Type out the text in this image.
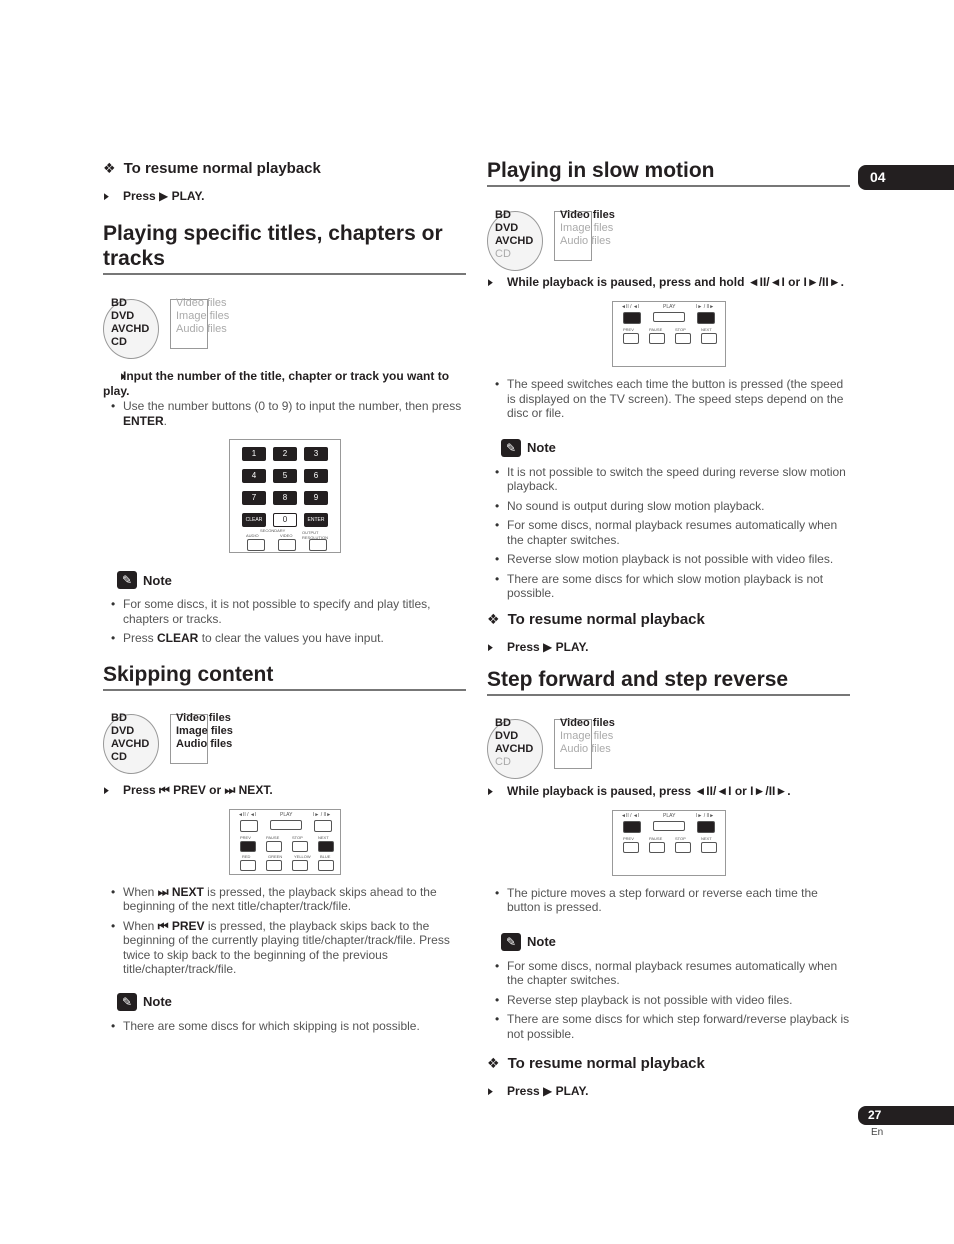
04
❖ To resume normal playback
▶ Press ▶ PLAY.
Playing specific titles, chapters or tracks
BD
DVD
AVCHD
CD
Video files
Image files
Audio files
▶ Input the number of the title, chapter or track you want to play.
• Use the number buttons (0 to 9) to input the number, then press ENTER.
1	2	3
4	5	6
7	8	9
CLEAR	0	ENTER
SECONDARY
AUDIO	VIDEO
OUTPUT RESOLUTION
✎ Note
• For some discs, it is not possible to specify and play titles, chapters or tracks.
• Press CLEAR to clear the values you have input.
Skipping content
BD
DVD
AVCHD
CD
Video files
Image files
Audio files
▶ Press ⏮ PREV or ⏭ NEXT.
◄II / ◄I	PLAY	I► / II►
PREV	PAUSE	STOP	NEXT
RED	GREEN	YELLOW BLUE
• When ⏭ NEXT is pressed, the playback skips ahead to the beginning of the next title/chapter/track/file.
• When ⏮ PREV is pressed, the playback skips back to the beginning of the currently playing title/chapter/track/file. Press twice to skip back to the beginning of the previous title/chapter/track/file.
✎ Note
• There are some discs for which skipping is not possible.
Playing in slow motion
BD
DVD
AVCHD
CD
Video files
Image files
Audio files
▶ While playback is paused, press and hold ◄II/◄I or I►/II►.
◄II / ◄I	PLAY	I► / II►
PREV	PAUSE	STOP	NEXT
• The speed switches each time the button is pressed (the speed is displayed on the TV screen). The speed steps depend on the disc or file.
✎ Note
• It is not possible to switch the speed during reverse slow motion playback.
• No sound is output during slow motion playback.
• For some discs, normal playback resumes automatically when the chapter switches.
• Reverse slow motion playback is not possible with video files.
• There are some discs for which slow motion playback is not possible.
❖ To resume normal playback
▶ Press ▶ PLAY.
Step forward and step reverse
BD
DVD
AVCHD
CD
Video files
Image files
Audio files
▶ While playback is paused, press ◄II/◄I or I►/II►.
◄II / ◄I	PLAY	I► / II►
PREV	PAUSE	STOP	NEXT
• The picture moves a step forward or reverse each time the button is pressed.
✎ Note
• For some discs, normal playback resumes automatically when the chapter switches.
• Reverse step playback is not possible with video files.
• There are some discs for which step forward/reverse playback is not possible.
❖ To resume normal playback
▶ Press ▶ PLAY.
27
En
